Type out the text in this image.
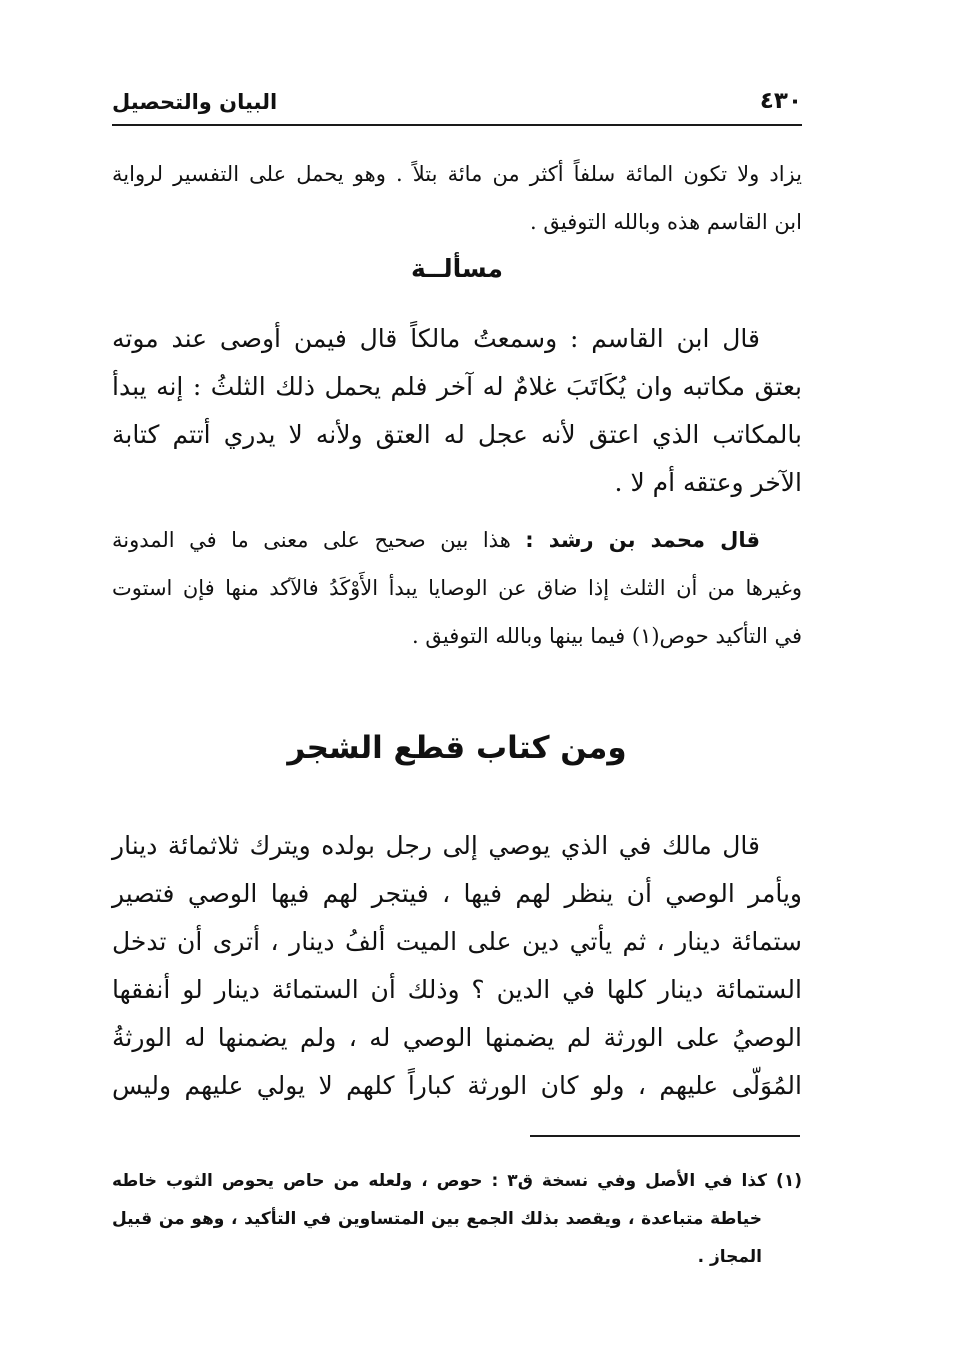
البيان والتحصيل	٤٣٠
يزاد ولا تكون المائة سلفاً أكثر من مائة بتلاً . وهو يحمل على التفسير لرواية
ابن القاسم هذه وبالله التوفيق .
مسألــة
قال ابن القاسم : وسمعتُ مالكاً قال فيمن أوصى عند موته
بعتق مكاتبه وان يُكَاتَبَ غلامٌ له آخر فلم يحمل ذلك الثلثُ : إنه يبدأ
بالمكاتب الذي اعتق لأنه عجل له العتق ولأنه لا يدري أتتم كتابة
الآخر وعتقه أم لا .
قال محمد بن رشد : هذا بين صحيح على معنى ما في المدونة
وغيرها من أن الثلث إذا ضاق عن الوصايا يبدأ الأَوْكَدُ فالآكد منها فإن استوت
في التأكيد حوص(١) فيما بينها وبالله التوفيق .
ومن كتاب قطع الشجر
قال مالك في الذي يوصي إلى رجل بولده ويترك ثلاثمائة دينار
ويأمر الوصي أن ينظر لهم فيها ، فيتجر لهم فيها الوصي فتصير
ستمائة دينار ، ثم يأتي دين على الميت ألفُ دينار ، أترى أن تدخل
الستمائة دينار كلها في الدين ؟ وذلك أن الستمائة دينار لو أنفقها
الوصيُ على الورثة لم يضمنها الوصي له ، ولم يضمنها له الورثةُ
المُوَلّى عليهم ، ولو كان الورثة كباراً كلهم لا يولي عليهم وليس
(١) كذا في الأصل وفي نسخة ق٣ : حوص ، ولعله من حاص يحوص الثوب خاطه
خياطة متباعدة ، ويقصد بذلك الجمع بين المتساوين في التأكيد ، وهو من قبيل
المجاز .
